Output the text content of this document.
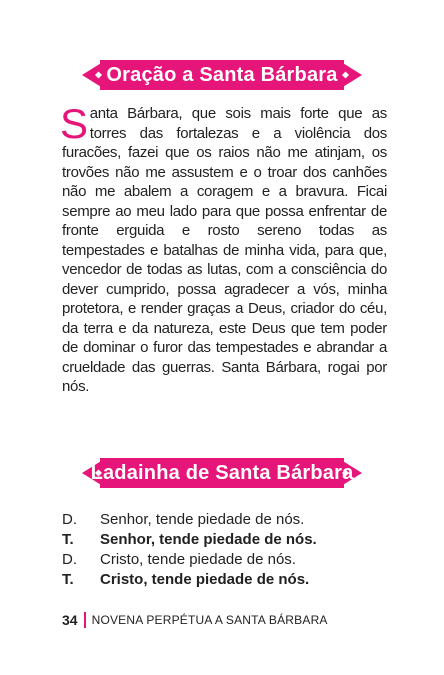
Oração a Santa Bárbara

Santa Bárbara, que sois mais forte que as torres das fortalezas e a violência dos furacões, fazei que os raios não me atinjam, os trovões não me assustem e o troar dos canhões não me abalem a coragem e a bravura. Ficai sempre ao meu lado para que possa enfrentar de fronte erguida e rosto sereno todas as tempestades e batalhas de minha vida, para que, vencedor de todas as lutas, com a consciência do dever cumprido, possa agradecer a vós, minha protetora, e render graças a Deus, criador do céu, da terra e da natureza, este Deus que tem poder de dominar o furor das tempestades e abrandar a crueldade das guerras. Santa Bárbara, rogai por nós.

Ladainha de Santa Bárbara
D.	Senhor, tende piedade de nós.
T.	Senhor, tende piedade de nós.
D.	Cristo, tende piedade de nós.
T.	Cristo, tende piedade de nós.
34 NOVENA PERPÉTUA A SANTA BÁRBARA
